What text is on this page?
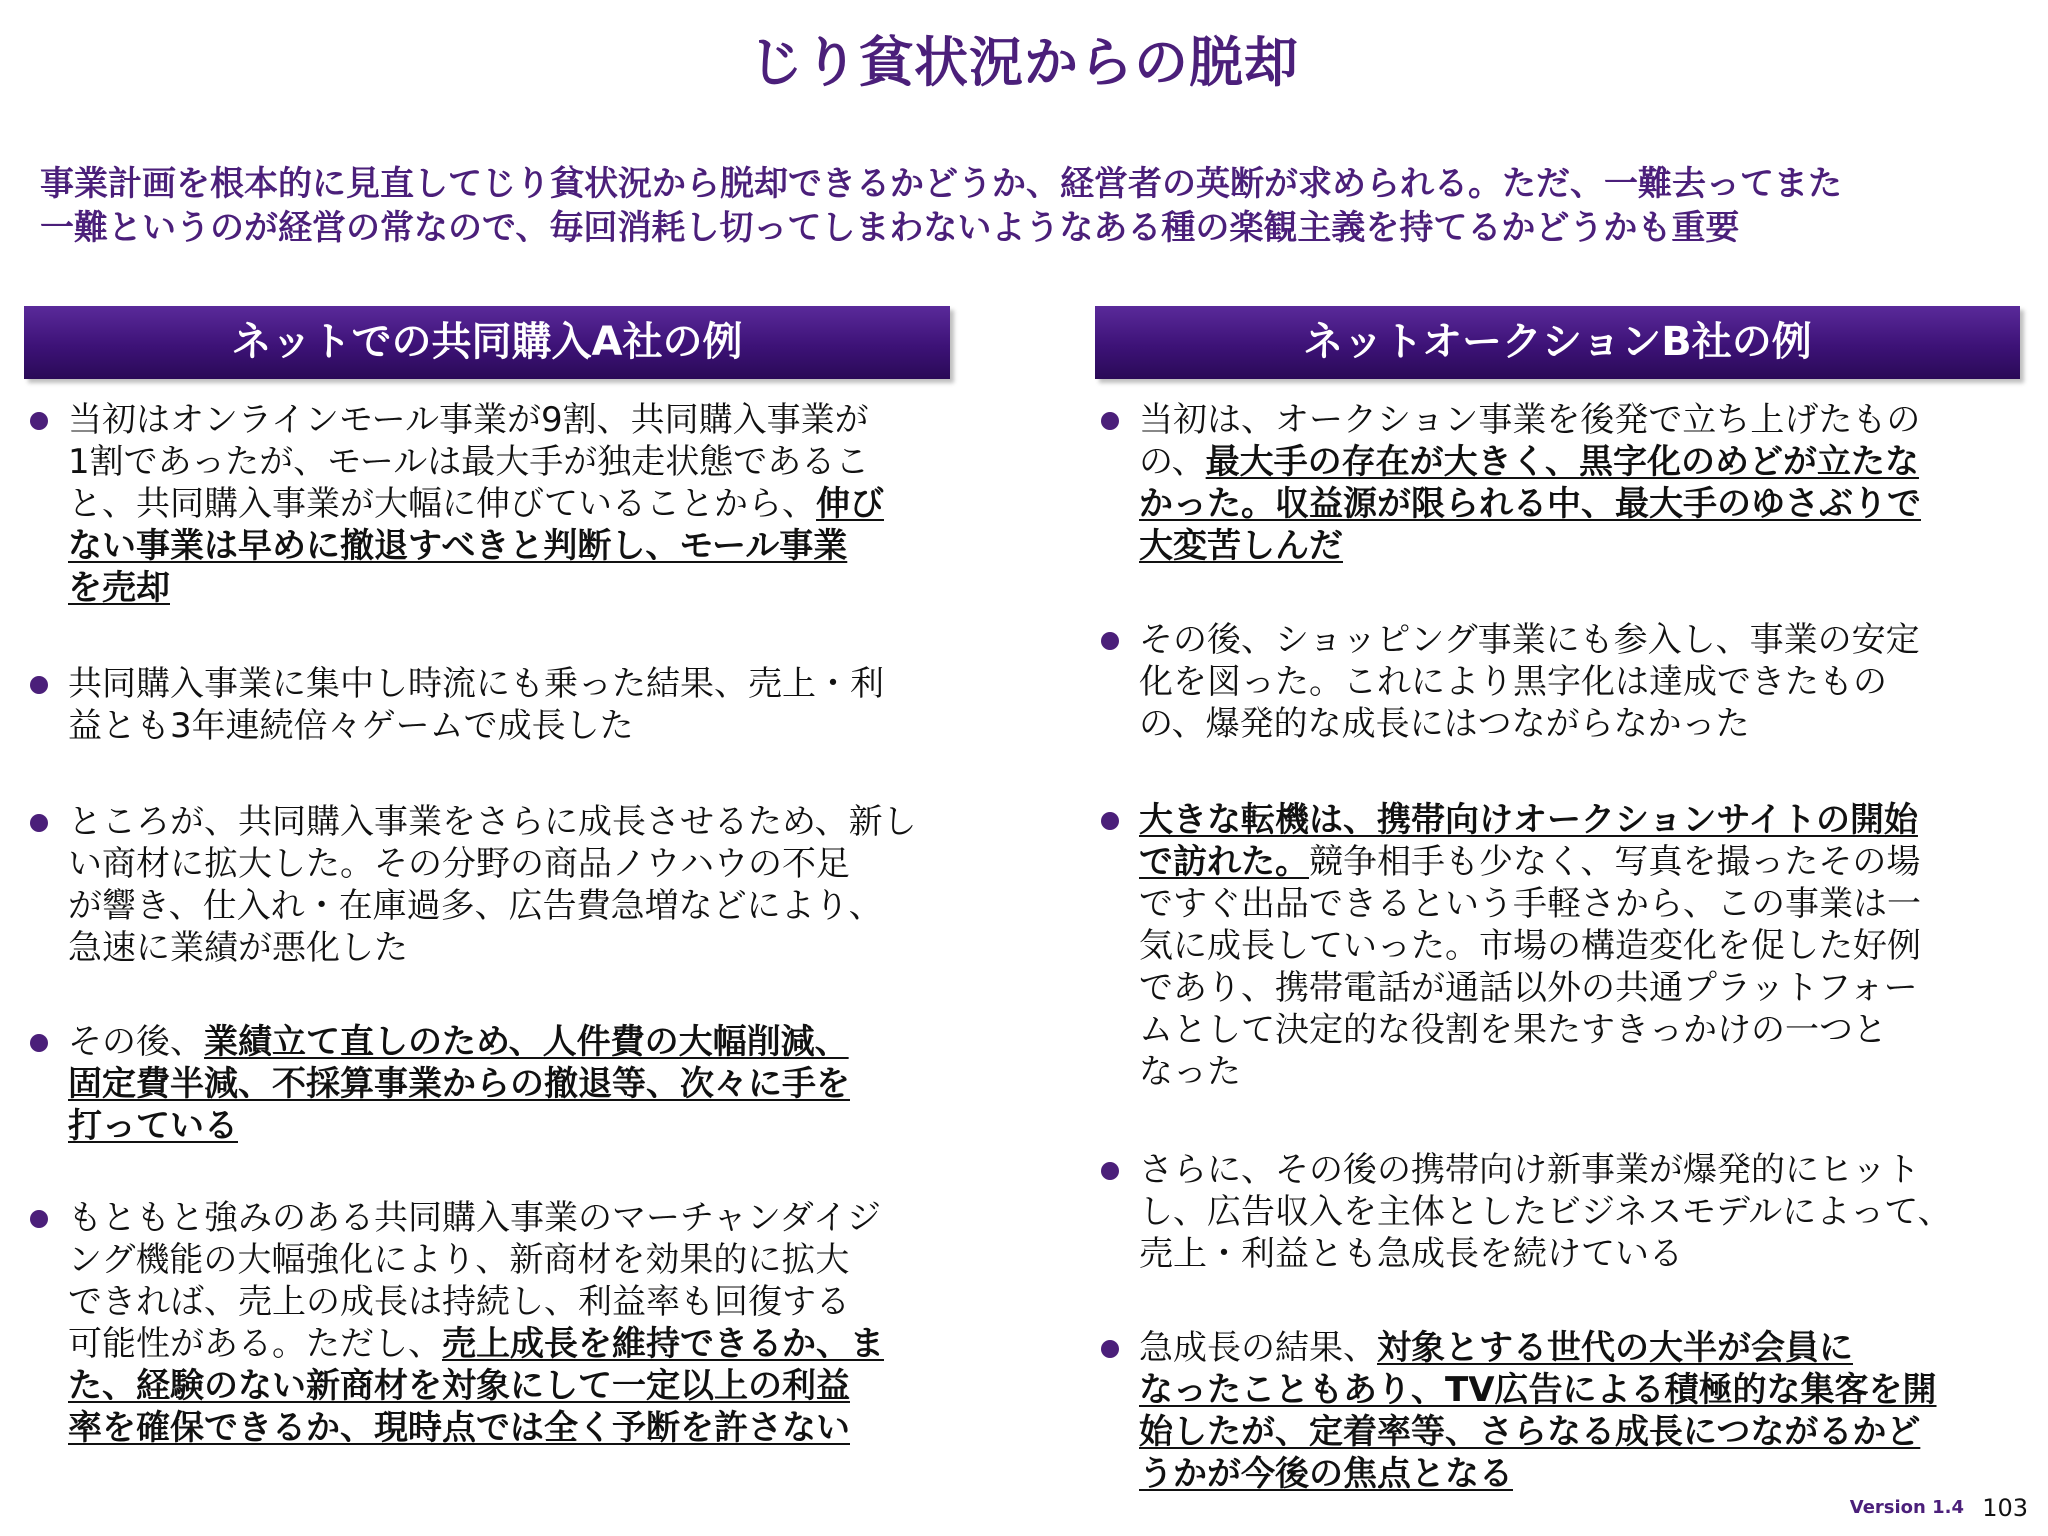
じり貧状況からの脱却
事業計画を根本的に見直してじり貧状況から脱却できるかどうか、経営者の英断が求められる。ただ、一難去ってまた
一難というのが経営の常なので、毎回消耗し切ってしまわないようなある種の楽観主義を持てるかどうかも重要
ネットでの共同購入A社の例
当初はオンラインモール事業が9割、共同購入事業が
1割であったが、モールは最大手が独走状態であるこ
と、共同購入事業が大幅に伸びていることから、伸び
ない事業は早めに撤退すべきと判断し、モール事業
を売却
共同購入事業に集中し時流にも乗った結果、売上・利
益とも3年連続倍々ゲームで成長した
ところが、共同購入事業をさらに成長させるため、新し
い商材に拡大した。その分野の商品ノウハウの不足
が響き、仕入れ・在庫過多、広告費急増などにより、
急速に業績が悪化した
その後、業績立て直しのため、人件費の大幅削減、
固定費半減、不採算事業からの撤退等、次々に手を
打っている
もともと強みのある共同購入事業のマーチャンダイジ
ング機能の大幅強化により、新商材を効果的に拡大
できれば、売上の成長は持続し、利益率も回復する
可能性がある。ただし、売上成長を維持できるか、ま
た、経験のない新商材を対象にして一定以上の利益
率を確保できるか、現時点では全く予断を許さない
ネットオークションB社の例
当初は、オークション事業を後発で立ち上げたもの
の、最大手の存在が大きく、黒字化のめどが立たな
かった。収益源が限られる中、最大手のゆさぶりで
大変苦しんだ
その後、ショッピング事業にも参入し、事業の安定
化を図った。これにより黒字化は達成できたもの
の、爆発的な成長にはつながらなかった
大きな転機は、携帯向けオークションサイトの開始
で訪れた。競争相手も少なく、写真を撮ったその場
ですぐ出品できるという手軽さから、この事業は一
気に成長していった。市場の構造変化を促した好例
であり、携帯電話が通話以外の共通プラットフォー
ムとして決定的な役割を果たすきっかけの一つと
なった
さらに、その後の携帯向け新事業が爆発的にヒット
し、広告収入を主体としたビジネスモデルによって、
売上・利益とも急成長を続けている
急成長の結果、対象とする世代の大半が会員に
なったこともあり、TV広告による積極的な集客を開
始したが、定着率等、さらなる成長につながるかど
うかが今後の焦点となる
Version 1.4 103
